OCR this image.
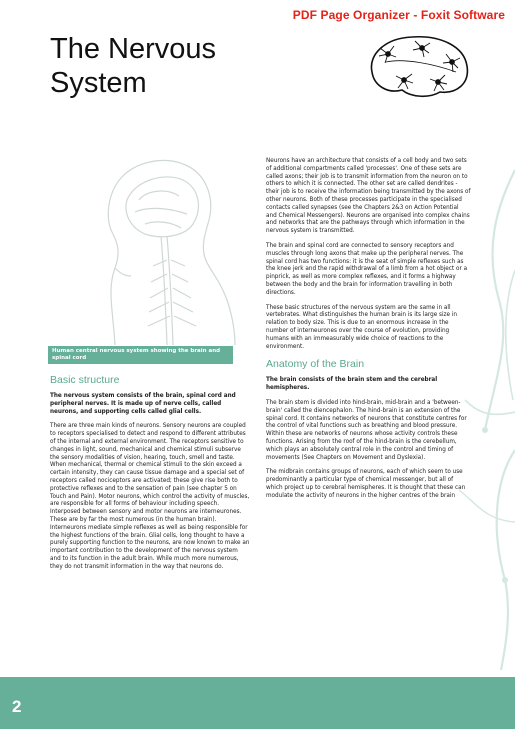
PDF Page Organizer - Foxit Software
The Nervous
System
Human central nervous system showing the brain and spinal cord
Basic structure

The nervous system consists of the brain, spinal cord and peripheral nerves. It is made up of nerve cells, called neurons, and supporting cells called glial cells.

There are three main kinds of neurons. Sensory neurons are coupled to receptors specialised to detect and respond to different attributes of the internal and external environment. The receptors sensitive to changes in light, sound, mechanical and chemical stimuli subserve the sensory modalities of vision, hearing, touch, smell and taste. When mechanical, thermal or chemical stimuli to the skin exceed a certain intensity, they can cause tissue damage and a special set of receptors called nociceptors are activated; these give rise both to protective reflexes and to the sensation of pain (see chapter 5 on Touch and Pain). Motor neurons, which control the activity of muscles, are responsible for all forms of behaviour including speech. Interposed between sensory and motor neurons are interneurones. These are by far the most numerous (in the human brain). Interneurons mediate simple reflexes as well as being responsible for the highest functions of the brain. Glial cells, long thought to have a purely supporting function to the neurons, are now known to make an important contribution to the development of the nervous system and to its function in the adult brain. While much more numerous, they do not transmit information in the way that neurons do.

Neurons have an architecture that consists of a cell body and two sets of additional compartments called 'processes'. One of these sets are called axons; their job is to transmit information from the neuron on to others to which it is connected. The other set are called dendrites - their job is to receive the information being transmitted by the axons of other neurons. Both of these processes participate in the specialised contacts called synapses (see the Chapters 2&3 on Action Potential and Chemical Messengers). Neurons are organised into complex chains and networks that are the pathways through which information in the nervous system is transmitted.

The brain and spinal cord are connected to sensory receptors and muscles through long axons that make up the peripheral nerves. The spinal cord has two functions: it is the seat of simple reflexes such as the knee jerk and the rapid withdrawal of a limb from a hot object or a pinprick, as well as more complex reflexes, and it forms a highway between the body and the brain for information travelling in both directions.

These basic structures of the nervous system are the same in all vertebrates. What distinguishes the human brain is its large size in relation to body size. This is due to an enormous increase in the number of interneurones over the course of evolution, providing humans with an immeasurably wide choice of reactions to the environment.

Anatomy of the Brain

The brain consists of the brain stem and the cerebral hemispheres.

The brain stem is divided into hind-brain, mid-brain and a 'between-brain' called the diencephalon. The hind-brain is an extension of the spinal cord. It contains networks of neurons that constitute centres for the control of vital functions such as breathing and blood pressure. Within these are networks of neurons whose activity controls these functions. Arising from the roof of the hind-brain is the cerebellum, which plays an absolutely central role in the control and timing of movements (See Chapters on Movement and Dyslexia).

The midbrain contains groups of neurons, each of which seem to use predominantly a particular type of chemical messenger, but all of which project up to cerebral hemispheres. It is thought that these can modulate the activity of neurons in the higher centres of the brain

2
